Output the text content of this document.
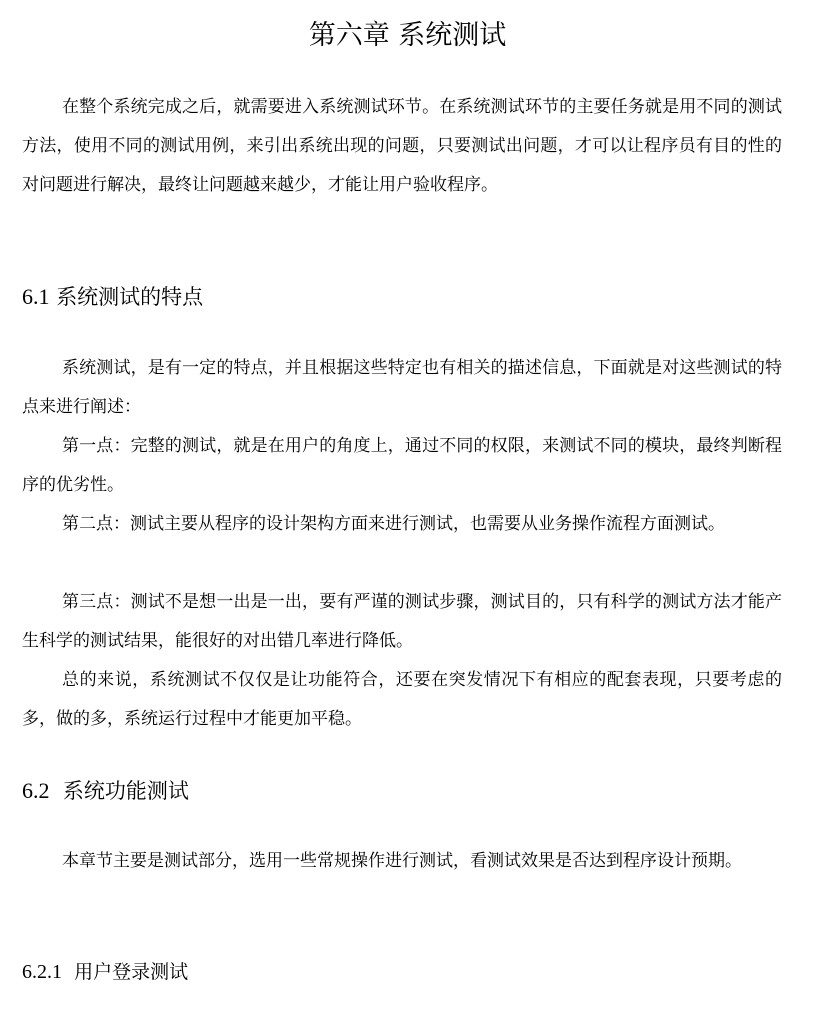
第六章 系统测试

在整个系统完成之后，就需要进入系统测试环节。在系统测试环节的主要任务就是用不同的测试方法，使用不同的测试用例，来引出系统出现的问题，只要测试出问题，才可以让程序员有目的性的对问题进行解决，最终让问题越来越少，才能让用户验收程序。

6.1 系统测试的特点

系统测试，是有一定的特点，并且根据这些特定也有相关的描述信息，下面就是对这些测试的特点来进行阐述：

第一点：完整的测试，就是在用户的角度上，通过不同的权限，来测试不同的模块，最终判断程序的优劣性。

第二点：测试主要从程序的设计架构方面来进行测试，也需要从业务操作流程方面测试。

第三点：测试不是想一出是一出，要有严谨的测试步骤，测试目的，只有科学的测试方法才能产生科学的测试结果，能很好的对出错几率进行降低。

总的来说，系统测试不仅仅是让功能符合，还要在突发情况下有相应的配套表现，只要考虑的多，做的多，系统运行过程中才能更加平稳。

6.2 系统功能测试

本章节主要是测试部分，选用一些常规操作进行测试，看测试效果是否达到程序设计预期。

6.2.1 用户登录测试
